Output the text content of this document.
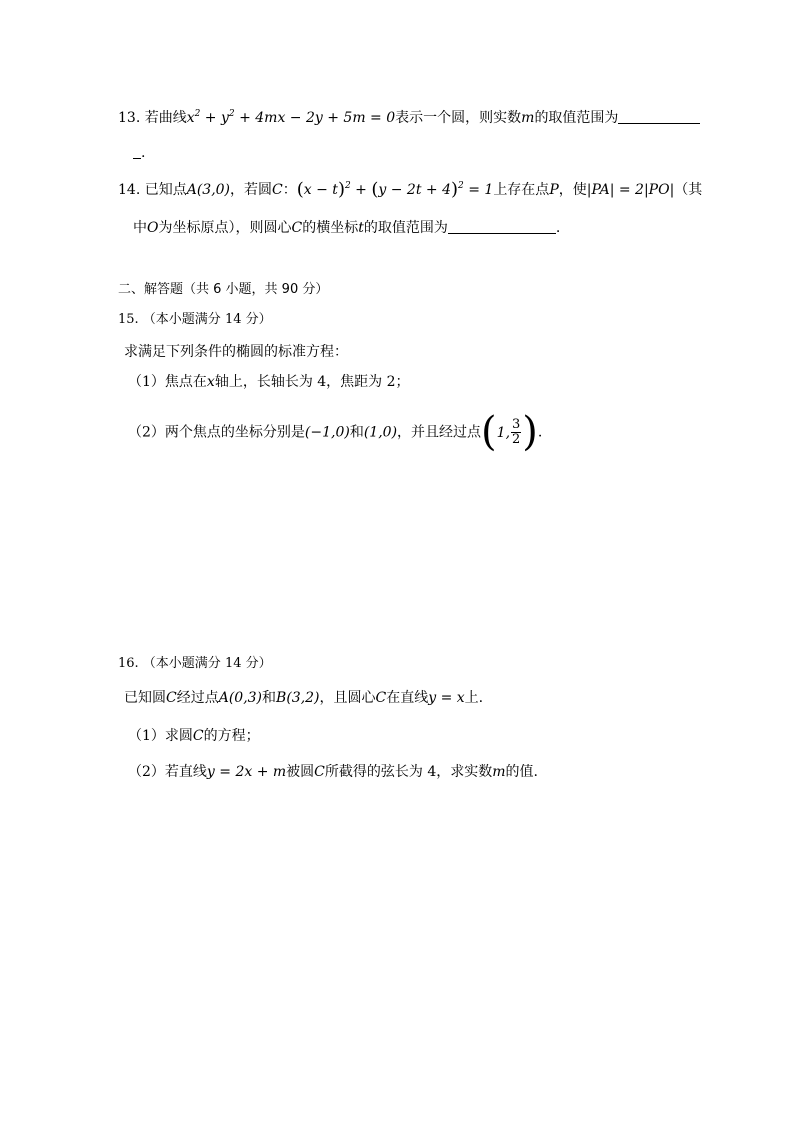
13. 若曲线$x^2 + y^2 + 4mx - 2y + 5m = 0$表示一个圆，则实数m的取值范围为
.
14. 已知点A(3,0)，若圆C：$(x - t)^2 + (y - 2t + 4)^2 = 1$上存在点P，使|PA| = 2|PO|（其
中O为坐标原点），则圆心C的横坐标t的取值范围为	.
二、解答题（共 6 小题，共 90 分）
15. （本小题满分 14 分）
求满足下列条件的椭圆的标准方程：
（1）焦点在x轴上，长轴长为 4，焦距为 2；
（2）两个焦点的坐标分别是(−1,0)和(1,0)，并且经过点(1, $\frac{3}{2}$ ).
16. （本小题满分 14 分）
已知圆C经过点A(0,3)和B(3,2)，且圆心C在直线y = x上.
（1）求圆C的方程；
（2）若直线y = 2x + m被圆C所截得的弦长为 4，求实数m的值.
